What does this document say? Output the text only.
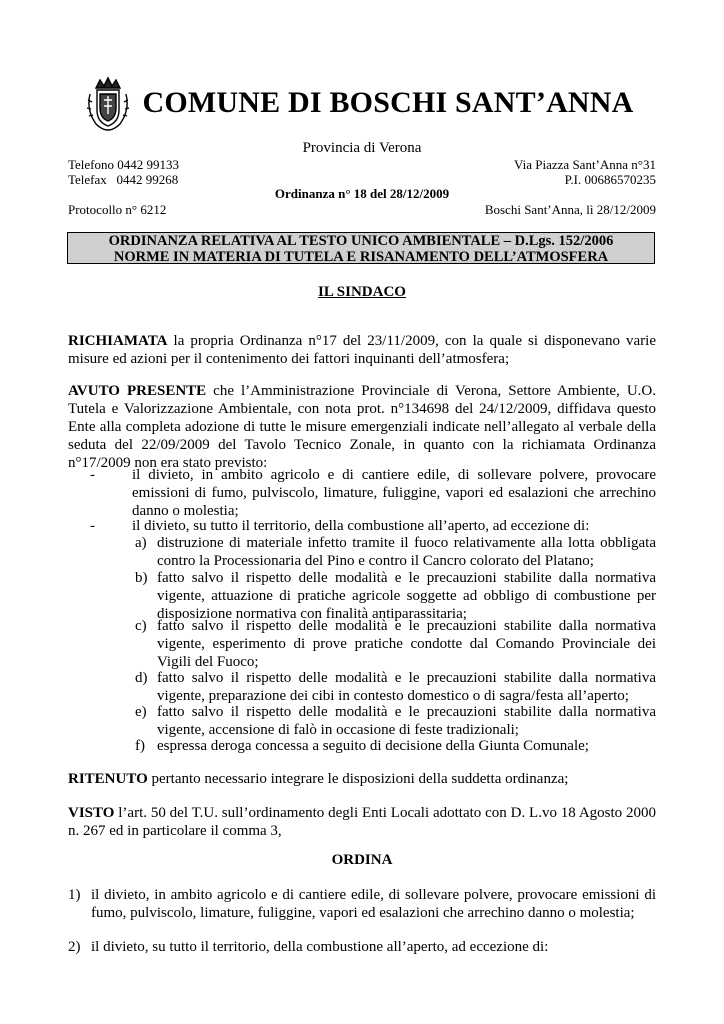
COMUNE DI BOSCHI SANT’ANNA
Provincia di Verona
Telefono 0442 99133
Telefax   0442 99268
Via Piazza Sant’Anna n°31
P.I. 00686570235
Ordinanza n° 18 del 28/12/2009
Protocollo n° 6212	Boschi Sant’Anna, lì 28/12/2009
ORDINANZA RELATIVA AL TESTO UNICO AMBIENTALE – D.Lgs. 152/2006
NORME IN MATERIA DI TUTELA E RISANAMENTO DELL’ATMOSFERA
IL SINDACO
RICHIAMATA la propria Ordinanza n°17 del 23/11/2009, con la quale si disponevano varie misure ed azioni per il contenimento dei fattori inquinanti dell’atmosfera;
AVUTO PRESENTE che l’Amministrazione Provinciale di Verona, Settore Ambiente, U.O. Tutela e Valorizzazione Ambientale, con nota prot. n°134698 del 24/12/2009, diffidava questo Ente alla completa adozione di tutte le misure emergenziali indicate nell’allegato al verbale della seduta del 22/09/2009 del Tavolo Tecnico Zonale, in quanto con la richiamata Ordinanza n°17/2009 non era stato previsto:
- il divieto, in ambito agricolo e di cantiere edile, di sollevare polvere, provocare emissioni di fumo, pulviscolo, limature, fuliggine, vapori ed esalazioni che arrechino danno o molestia;
- il divieto, su tutto il territorio, della combustione all’aperto, ad eccezione di:
a) distruzione di materiale infetto tramite il fuoco relativamente alla lotta obbligata contro la Processionaria del Pino e contro il Cancro colorato del Platano;
b) fatto salvo il rispetto delle modalità e le precauzioni stabilite dalla normativa vigente, attuazione di pratiche agricole soggette ad obbligo di combustione per disposizione normativa con finalità antiparassitaria;
c) fatto salvo il rispetto delle modalità e le precauzioni stabilite dalla normativa vigente, esperimento di prove pratiche condotte dal Comando Provinciale dei Vigili del Fuoco;
d) fatto salvo il rispetto delle modalità e le precauzioni stabilite dalla normativa vigente, preparazione dei cibi in contesto domestico o di sagra/festa all’aperto;
e) fatto salvo il rispetto delle modalità e le precauzioni stabilite dalla normativa vigente, accensione di falò in occasione di feste tradizionali;
f) espressa deroga concessa a seguito di decisione della Giunta Comunale;
RITENUTO pertanto necessario integrare le disposizioni della suddetta ordinanza;
VISTO l’art. 50 del T.U. sull’ordinamento degli Enti Locali adottato con D. L.vo 18 Agosto 2000 n. 267 ed in particolare il comma 3,
ORDINA
1) il divieto, in ambito agricolo e di cantiere edile, di sollevare polvere, provocare emissioni di fumo, pulviscolo, limature, fuliggine, vapori ed esalazioni che arrechino danno o molestia;
2) il divieto, su tutto il territorio, della combustione all’aperto, ad eccezione di:
